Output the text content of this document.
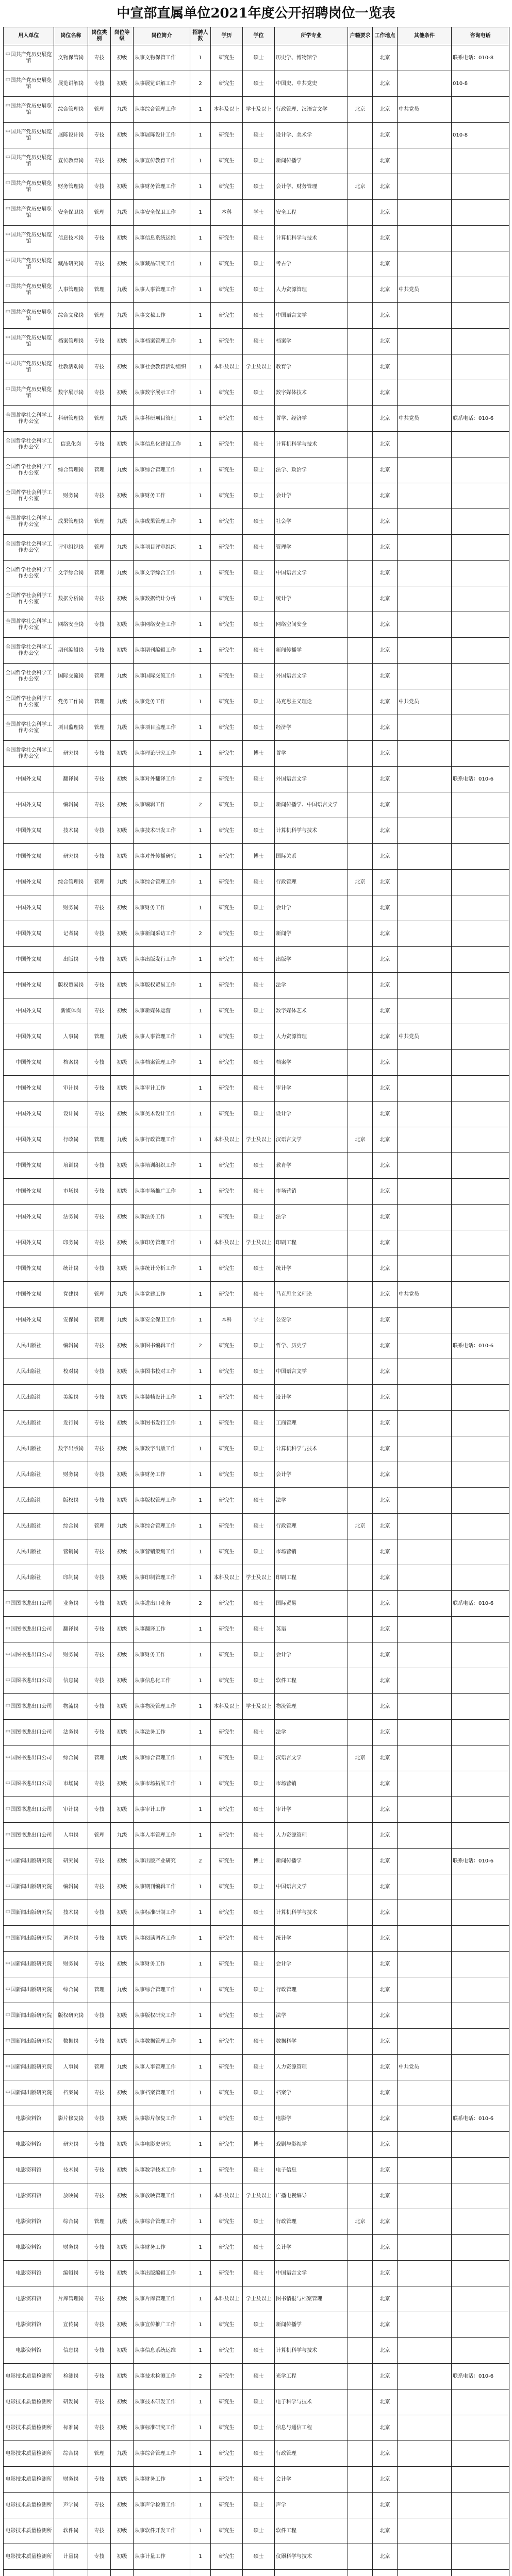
中宣部直属单位2021年度公开招聘岗位一览表
用人单位	岗位名称	岗位类别	岗位等级	岗位简介	招聘人数	学历	学位	所学专业	户籍要求	工作地点	其他条件	咨询电话
中国共产党历史展览馆	文物保管岗	专技	初级	从事文物保管工作	1	研究生	硕士	历史学、博物馆学		北京		联系电话：010-8
中国共产党历史展览馆	展览讲解岗	专技	初级	从事展览讲解工作	2	研究生	硕士	中国史、中共党史		北京		010-8
中国共产党历史展览馆	综合管理岗	管理	九级	从事综合管理工作	1	本科及以上	学士及以上	行政管理、汉语言文学	北京	北京	中共党员	
中国共产党历史展览馆	展陈设计岗	专技	初级	从事展陈设计工作	1	研究生	硕士	设计学、美术学		北京		010-8
中国共产党历史展览馆	宣传教育岗	专技	初级	从事宣传教育工作	1	研究生	硕士	新闻传播学		北京		
中国共产党历史展览馆	财务管理岗	专技	初级	从事财务管理工作	1	研究生	硕士	会计学、财务管理	北京	北京		
中国共产党历史展览馆	安全保卫岗	管理	九级	从事安全保卫工作	1	本科	学士	安全工程		北京		
中国共产党历史展览馆	信息技术岗	专技	初级	从事信息系统运维	1	研究生	硕士	计算机科学与技术		北京		
中国共产党历史展览馆	藏品研究岗	专技	初级	从事藏品研究工作	1	研究生	硕士	考古学		北京		
中国共产党历史展览馆	人事管理岗	管理	九级	从事人事管理工作	1	研究生	硕士	人力资源管理		北京	中共党员	
中国共产党历史展览馆	综合文秘岗	管理	九级	从事文秘工作	1	研究生	硕士	中国语言文学		北京		
中国共产党历史展览馆	档案管理岗	专技	初级	从事档案管理工作	1	研究生	硕士	档案学		北京		
中国共产党历史展览馆	社教活动岗	专技	初级	从事社会教育活动组织	1	本科及以上	学士及以上	教育学		北京		
中国共产党历史展览馆	数字展示岗	专技	初级	从事数字展示工作	1	研究生	硕士	数字媒体技术		北京		
全国哲学社会科学工作办公室	科研管理岗	管理	九级	从事科研项目管理	1	研究生	硕士	哲学、经济学		北京	中共党员	联系电话：010-6
全国哲学社会科学工作办公室	信息化岗	专技	初级	从事信息化建设工作	1	研究生	硕士	计算机科学与技术		北京		
全国哲学社会科学工作办公室	综合管理岗	管理	九级	从事综合管理工作	1	研究生	硕士	法学、政治学		北京		
全国哲学社会科学工作办公室	财务岗	专技	初级	从事财务工作	1	研究生	硕士	会计学		北京		
全国哲学社会科学工作办公室	成果管理岗	管理	九级	从事成果管理工作	1	研究生	硕士	社会学		北京		
全国哲学社会科学工作办公室	评审组织岗	管理	九级	从事项目评审组织	1	研究生	硕士	管理学		北京		
全国哲学社会科学工作办公室	文字综合岗	管理	九级	从事文字综合工作	1	研究生	硕士	中国语言文学		北京		
全国哲学社会科学工作办公室	数据分析岗	专技	初级	从事数据统计分析	1	研究生	硕士	统计学		北京		
全国哲学社会科学工作办公室	网络安全岗	专技	初级	从事网络安全工作	1	研究生	硕士	网络空间安全		北京		
全国哲学社会科学工作办公室	期刊编辑岗	专技	初级	从事期刊编辑工作	1	研究生	硕士	新闻传播学		北京		
全国哲学社会科学工作办公室	国际交流岗	管理	九级	从事国际交流工作	1	研究生	硕士	外国语言文学		北京		
全国哲学社会科学工作办公室	党务工作岗	管理	九级	从事党务工作	1	研究生	硕士	马克思主义理论		北京	中共党员	
全国哲学社会科学工作办公室	项目监理岗	管理	九级	从事项目监理工作	1	研究生	硕士	经济学		北京		
全国哲学社会科学工作办公室	研究岗	专技	初级	从事理论研究工作	1	研究生	博士	哲学		北京		
中国外文局	翻译岗	专技	初级	从事对外翻译工作	2	研究生	硕士	外国语言文学		北京		联系电话：010-6
中国外文局	编辑岗	专技	初级	从事编辑工作	2	研究生	硕士	新闻传播学、中国语言文学		北京		
中国外文局	技术岗	专技	初级	从事技术研发工作	1	研究生	硕士	计算机科学与技术		北京		
中国外文局	研究岗	专技	初级	从事对外传播研究	1	研究生	博士	国际关系		北京		
中国外文局	综合管理岗	管理	九级	从事综合管理工作	1	研究生	硕士	行政管理	北京	北京		
中国外文局	财务岗	专技	初级	从事财务工作	1	研究生	硕士	会计学		北京		
中国外文局	记者岗	专技	初级	从事新闻采访工作	2	研究生	硕士	新闻学		北京		
中国外文局	出版岗	专技	初级	从事出版发行工作	1	研究生	硕士	出版学		北京		
中国外文局	版权贸易岗	专技	初级	从事版权贸易工作	1	研究生	硕士	法学		北京		
中国外文局	新媒体岗	专技	初级	从事新媒体运营	1	研究生	硕士	数字媒体艺术		北京		
中国外文局	人事岗	管理	九级	从事人事管理工作	1	研究生	硕士	人力资源管理		北京	中共党员	
中国外文局	档案岗	专技	初级	从事档案管理工作	1	研究生	硕士	档案学		北京		
中国外文局	审计岗	专技	初级	从事审计工作	1	研究生	硕士	审计学		北京		
中国外文局	设计岗	专技	初级	从事美术设计工作	1	研究生	硕士	设计学		北京		
中国外文局	行政岗	管理	九级	从事行政管理工作	1	本科及以上	学士及以上	汉语言文学	北京	北京		
中国外文局	培训岗	专技	初级	从事培训组织工作	1	研究生	硕士	教育学		北京		
中国外文局	市场岗	专技	初级	从事市场推广工作	1	研究生	硕士	市场营销		北京		
中国外文局	法务岗	专技	初级	从事法务工作	1	研究生	硕士	法学		北京		
中国外文局	印务岗	专技	初级	从事印务管理工作	1	本科及以上	学士及以上	印刷工程		北京		
中国外文局	统计岗	专技	初级	从事统计分析工作	1	研究生	硕士	统计学		北京		
中国外文局	党建岗	管理	九级	从事党建工作	1	研究生	硕士	马克思主义理论		北京	中共党员	
中国外文局	安保岗	管理	九级	从事安全保卫工作	1	本科	学士	公安学		北京		
人民出版社	编辑岗	专技	初级	从事图书编辑工作	2	研究生	硕士	哲学、历史学		北京		联系电话：010-6
人民出版社	校对岗	专技	初级	从事图书校对工作	1	研究生	硕士	中国语言文学		北京		
人民出版社	美编岗	专技	初级	从事装帧设计工作	1	研究生	硕士	设计学		北京		
人民出版社	发行岗	专技	初级	从事图书发行工作	1	研究生	硕士	工商管理		北京		
人民出版社	数字出版岗	专技	初级	从事数字出版工作	1	研究生	硕士	计算机科学与技术		北京		
人民出版社	财务岗	专技	初级	从事财务工作	1	研究生	硕士	会计学		北京		
人民出版社	版权岗	专技	初级	从事版权管理工作	1	研究生	硕士	法学		北京		
人民出版社	综合岗	管理	九级	从事综合管理工作	1	研究生	硕士	行政管理	北京	北京		
人民出版社	营销岗	专技	初级	从事营销策划工作	1	研究生	硕士	市场营销		北京		
人民出版社	印制岗	专技	初级	从事印制管理工作	1	本科及以上	学士及以上	印刷工程		北京		
中国图书进出口公司	业务岗	专技	初级	从事进出口业务	2	研究生	硕士	国际贸易		北京		联系电话：010-6
中国图书进出口公司	翻译岗	专技	初级	从事翻译工作	1	研究生	硕士	英语		北京		
中国图书进出口公司	财务岗	专技	初级	从事财务工作	1	研究生	硕士	会计学		北京		
中国图书进出口公司	信息岗	专技	初级	从事信息化工作	1	研究生	硕士	软件工程		北京		
中国图书进出口公司	物流岗	专技	初级	从事物流管理工作	1	本科及以上	学士及以上	物流管理		北京		
中国图书进出口公司	法务岗	专技	初级	从事法务工作	1	研究生	硕士	法学		北京		
中国图书进出口公司	综合岗	管理	九级	从事综合管理工作	1	研究生	硕士	汉语言文学	北京	北京		
中国图书进出口公司	市场岗	专技	初级	从事市场拓展工作	1	研究生	硕士	市场营销		北京		
中国图书进出口公司	审计岗	专技	初级	从事审计工作	1	研究生	硕士	审计学		北京		
中国图书进出口公司	人事岗	管理	九级	从事人事管理工作	1	研究生	硕士	人力资源管理		北京		
中国新闻出版研究院	研究岗	专技	初级	从事出版产业研究	2	研究生	博士	新闻传播学		北京		联系电话：010-6
中国新闻出版研究院	编辑岗	专技	初级	从事期刊编辑工作	1	研究生	硕士	中国语言文学		北京		
中国新闻出版研究院	技术岗	专技	初级	从事标准研制工作	1	研究生	硕士	计算机科学与技术		北京		
中国新闻出版研究院	调查岗	专技	初级	从事阅读调查工作	1	研究生	硕士	统计学		北京		
中国新闻出版研究院	财务岗	专技	初级	从事财务工作	1	研究生	硕士	会计学		北京		
中国新闻出版研究院	综合岗	管理	九级	从事综合管理工作	1	研究生	硕士	行政管理		北京		
中国新闻出版研究院	版权研究岗	专技	初级	从事版权研究工作	1	研究生	硕士	法学		北京		
中国新闻出版研究院	数据岗	专技	初级	从事数据管理工作	1	研究生	硕士	数据科学		北京		
中国新闻出版研究院	人事岗	管理	九级	从事人事管理工作	1	研究生	硕士	人力资源管理		北京	中共党员	
中国新闻出版研究院	档案岗	专技	初级	从事档案管理工作	1	研究生	硕士	档案学		北京		
电影资料馆	影片修复岗	专技	初级	从事影片修复工作	1	研究生	硕士	电影学		北京		联系电话：010-6
电影资料馆	研究岗	专技	初级	从事电影史研究	1	研究生	博士	戏剧与影视学		北京		
电影资料馆	技术岗	专技	初级	从事数字技术工作	1	研究生	硕士	电子信息		北京		
电影资料馆	放映岗	专技	初级	从事放映管理工作	1	本科及以上	学士及以上	广播电视编导		北京		
电影资料馆	综合岗	管理	九级	从事综合管理工作	1	研究生	硕士	行政管理	北京	北京		
电影资料馆	财务岗	专技	初级	从事财务工作	1	研究生	硕士	会计学		北京		
电影资料馆	编辑岗	专技	初级	从事出版编辑工作	1	研究生	硕士	中国语言文学		北京		
电影资料馆	片库管理岗	专技	初级	从事片库管理工作	1	本科及以上	学士及以上	图书情报与档案管理		北京		
电影资料馆	宣传岗	专技	初级	从事宣传推广工作	1	研究生	硕士	新闻传播学		北京		
电影资料馆	信息岗	专技	初级	从事信息系统运维	1	研究生	硕士	计算机科学与技术		北京		
电影技术质量检测所	检测岗	专技	初级	从事技术检测工作	2	研究生	硕士	光学工程		北京		联系电话：010-6
电影技术质量检测所	研发岗	专技	初级	从事技术研发工作	1	研究生	硕士	电子科学与技术		北京		
电影技术质量检测所	标准岗	专技	初级	从事标准研究工作	1	研究生	硕士	信息与通信工程		北京		
电影技术质量检测所	综合岗	管理	九级	从事综合管理工作	1	研究生	硕士	行政管理		北京		
电影技术质量检测所	财务岗	专技	初级	从事财务工作	1	研究生	硕士	会计学		北京		
电影技术质量检测所	声学岗	专技	初级	从事声学检测工作	1	研究生	硕士	声学		北京		
电影技术质量检测所	软件岗	专技	初级	从事软件开发工作	1	研究生	硕士	软件工程		北京		
电影技术质量检测所	计量岗	专技	初级	从事计量工作	1	研究生	硕士	仪器科学与技术		北京		
